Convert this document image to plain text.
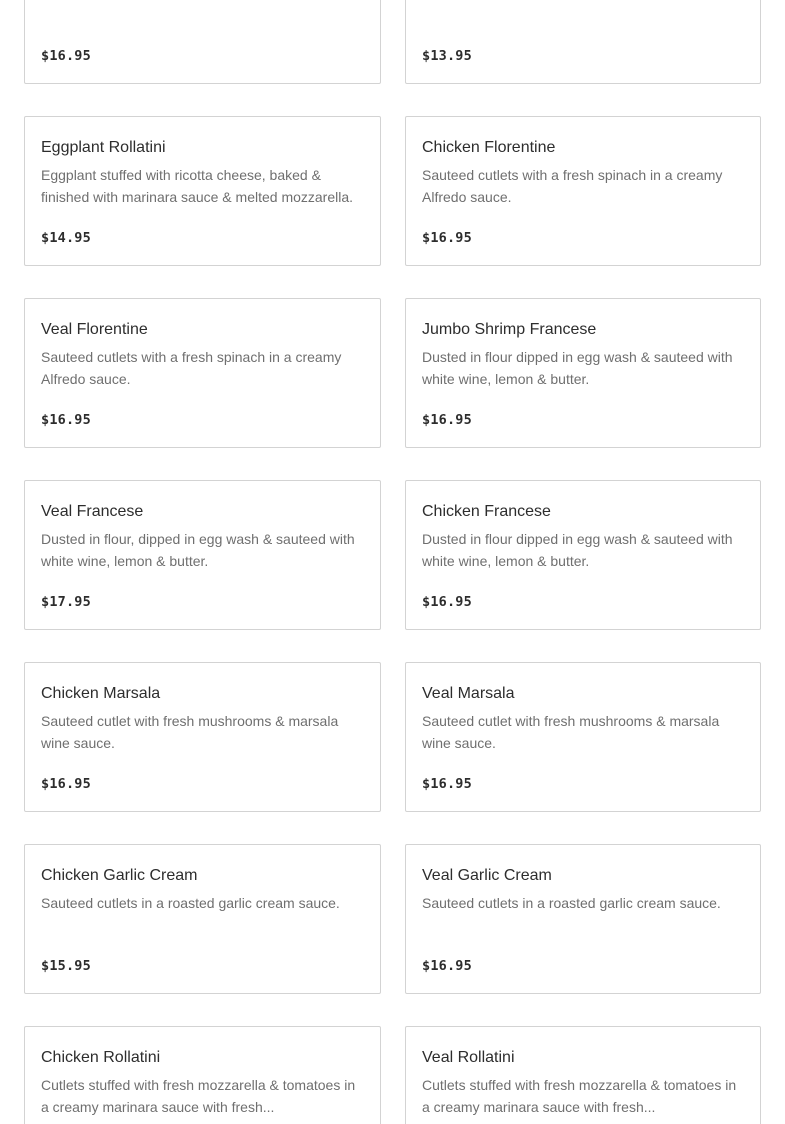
$16.95	$13.95
Eggplant Rollatini
Eggplant stuffed with ricotta cheese, baked & finished with marinara sauce & melted mozzarella.
$14.95
Chicken Florentine
Sauteed cutlets with a fresh spinach in a creamy Alfredo sauce.
$16.95
Veal Florentine
Sauteed cutlets with a fresh spinach in a creamy Alfredo sauce.
$16.95
Jumbo Shrimp Francese
Dusted in flour dipped in egg wash & sauteed with white wine, lemon & butter.
$16.95
Veal Francese
Dusted in flour, dipped in egg wash & sauteed with white wine, lemon & butter.
$17.95
Chicken Francese
Dusted in flour dipped in egg wash & sauteed with white wine, lemon & butter.
$16.95
Chicken Marsala
Sauteed cutlet with fresh mushrooms & marsala wine sauce.
$16.95
Veal Marsala
Sauteed cutlet with fresh mushrooms & marsala wine sauce.
$16.95
Chicken Garlic Cream
Sauteed cutlets in a roasted garlic cream sauce.
$15.95
Veal Garlic Cream
Sauteed cutlets in a roasted garlic cream sauce.
$16.95
Chicken Rollatini
Cutlets stuffed with fresh mozzarella & tomatoes in a creamy marinara sauce with fresh...
Veal Rollatini
Cutlets stuffed with fresh mozzarella & tomatoes in a creamy marinara sauce with fresh...
